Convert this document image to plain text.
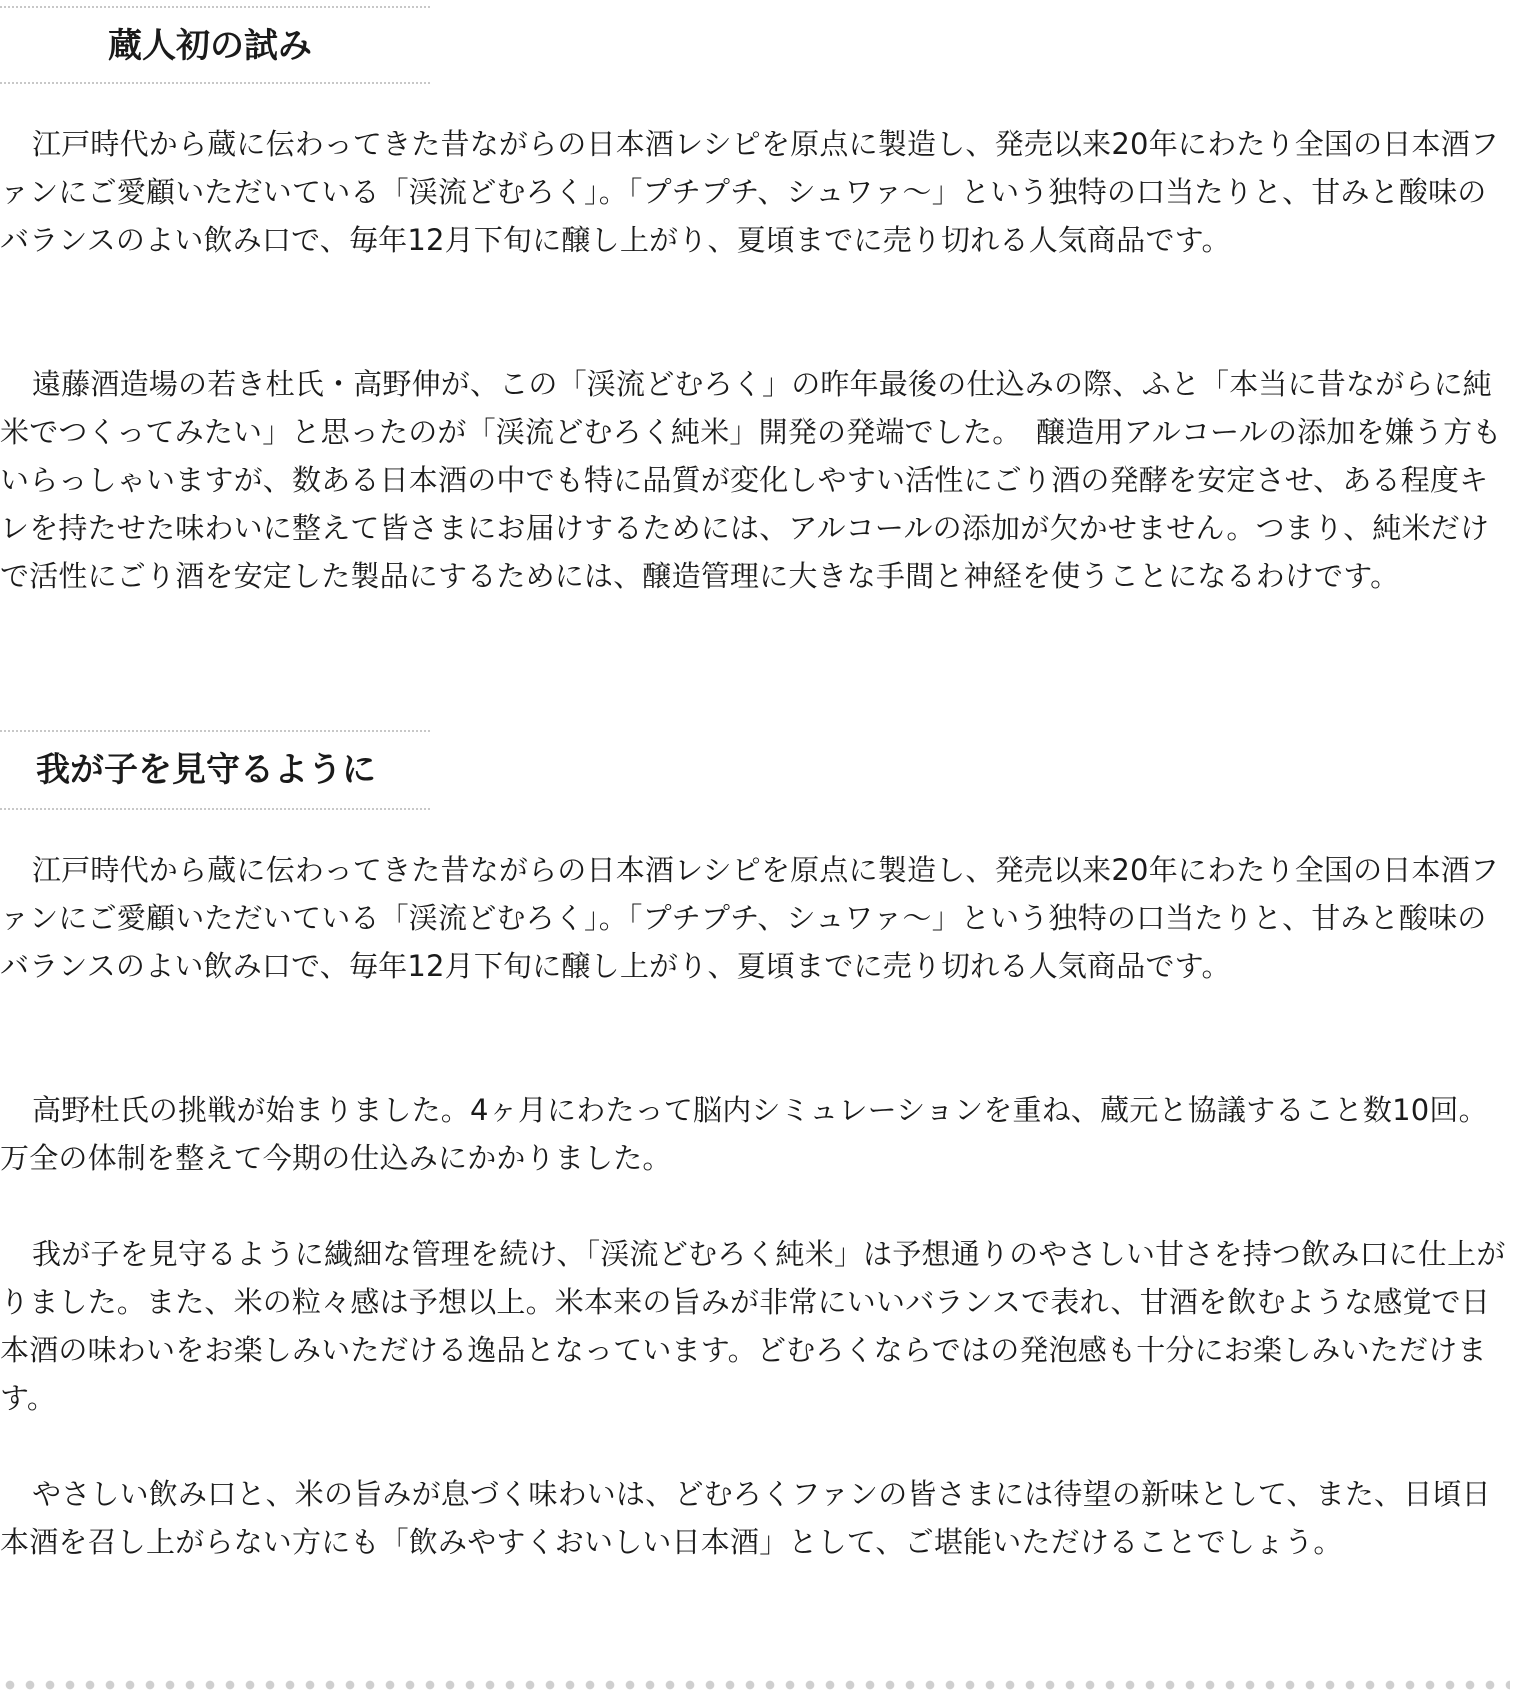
蔵人初の試み

江戸時代から蔵に伝わってきた昔ながらの日本酒レシピを原点に製造し、発売以来20年にわたり全国の日本酒ファンにご愛顧いただいている「渓流どむろく」。「プチプチ、シュワァ〜」という独特の口当たりと、甘みと酸味のバランスのよい飲み口で、毎年12月下旬に醸し上がり、夏頃までに売り切れる人気商品です。

遠藤酒造場の若き杜氏・高野伸が、この「渓流どむろく」の昨年最後の仕込みの際、ふと「本当に昔ながらに純米でつくってみたい」と思ったのが「渓流どむろく純米」開発の発端でした。　醸造用アルコールの添加を嫌う方もいらっしゃいますが、数ある日本酒の中でも特に品質が変化しやすい活性にごり酒の発酵を安定させ、ある程度キレを持たせた味わいに整えて皆さまにお届けするためには、アルコールの添加が欠かせません。つまり、純米だけで活性にごり酒を安定した製品にするためには、醸造管理に大きな手間と神経を使うことになるわけです。

我が子を見守るように

江戸時代から蔵に伝わってきた昔ながらの日本酒レシピを原点に製造し、発売以来20年にわたり全国の日本酒ファンにご愛顧いただいている「渓流どむろく」。「プチプチ、シュワァ〜」という独特の口当たりと、甘みと酸味のバランスのよい飲み口で、毎年12月下旬に醸し上がり、夏頃までに売り切れる人気商品です。

高野杜氏の挑戦が始まりました。4ヶ月にわたって脳内シミュレーションを重ね、蔵元と協議すること数10回。万全の体制を整えて今期の仕込みにかかりました。

我が子を見守るように繊細な管理を続け、「渓流どむろく純米」は予想通りのやさしい甘さを持つ飲み口に仕上がりました。また、米の粒々感は予想以上。米本来の旨みが非常にいいバランスで表れ、甘酒を飲むような感覚で日本酒の味わいをお楽しみいただける逸品となっています。どむろくならではの発泡感も十分にお楽しみいただけます。

やさしい飲み口と、米の旨みが息づく味わいは、どむろくファンの皆さまには待望の新味として、また、日頃日本酒を召し上がらない方にも「飲みやすくおいしい日本酒」として、ご堪能いただけることでしょう。
